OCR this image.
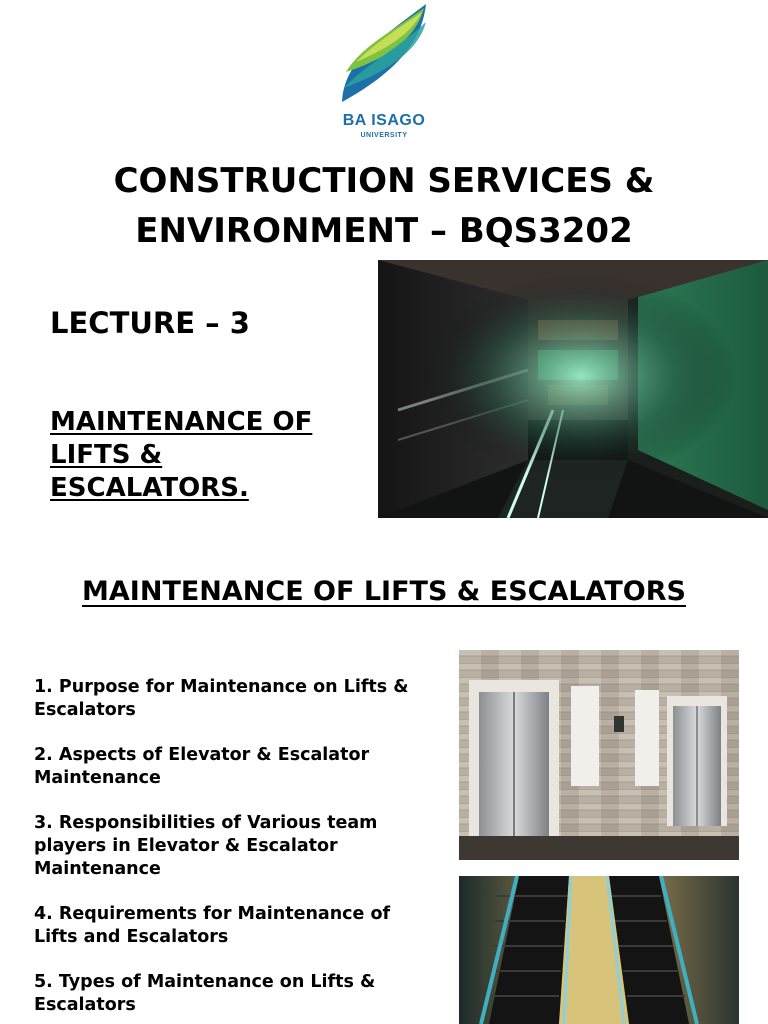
BA ISAGO
UNIVERSITY
CONSTRUCTION SERVICES &
ENVIRONMENT – BQS3202
LECTURE – 3
MAINTENANCE OF
LIFTS &
ESCALATORS.
MAINTENANCE OF LIFTS & ESCALATORS
1. Purpose for Maintenance on Lifts & Escalators
2. Aspects of Elevator & Escalator Maintenance
3. Responsibilities of Various team players in Elevator & Escalator Maintenance
4. Requirements for Maintenance of Lifts and Escalators
5. Types of Maintenance on Lifts & Escalators
